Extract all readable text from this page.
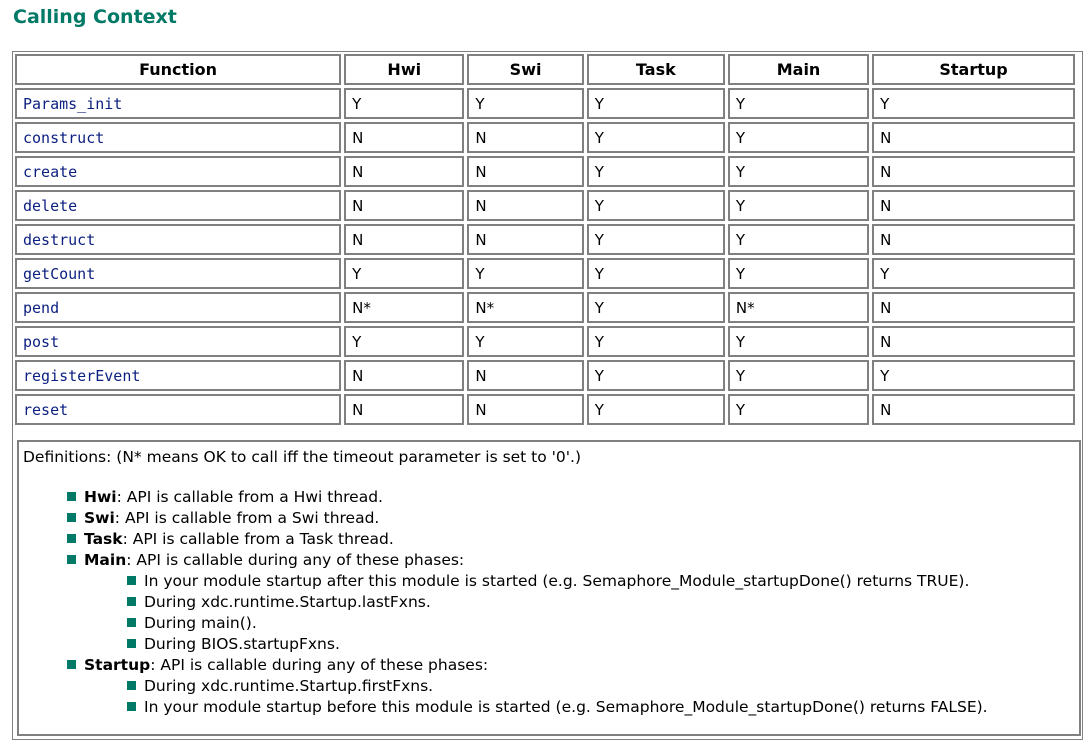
Calling Context
Function	Hwi	Swi	Task	Main	Startup
Params_init	Y	Y	Y	Y	Y
construct	N	N	Y	Y	N
create	N	N	Y	Y	N
delete	N	N	Y	Y	N
destruct	N	N	Y	Y	N
getCount	Y	Y	Y	Y	Y
pend	N*	N*	Y	N*	N
post	Y	Y	Y	Y	N
registerEvent	N	N	Y	Y	Y
reset	N	N	Y	Y	N
Definitions: (N* means OK to call iff the timeout parameter is set to '0'.)
Hwi: API is callable from a Hwi thread.
Swi: API is callable from a Swi thread.
Task: API is callable from a Task thread.
Main: API is callable during any of these phases:
In your module startup after this module is started (e.g. Semaphore_Module_startupDone() returns TRUE).
During xdc.runtime.Startup.lastFxns.
During main().
During BIOS.startupFxns.
Startup: API is callable during any of these phases:
During xdc.runtime.Startup.firstFxns.
In your module startup before this module is started (e.g. Semaphore_Module_startupDone() returns FALSE).
